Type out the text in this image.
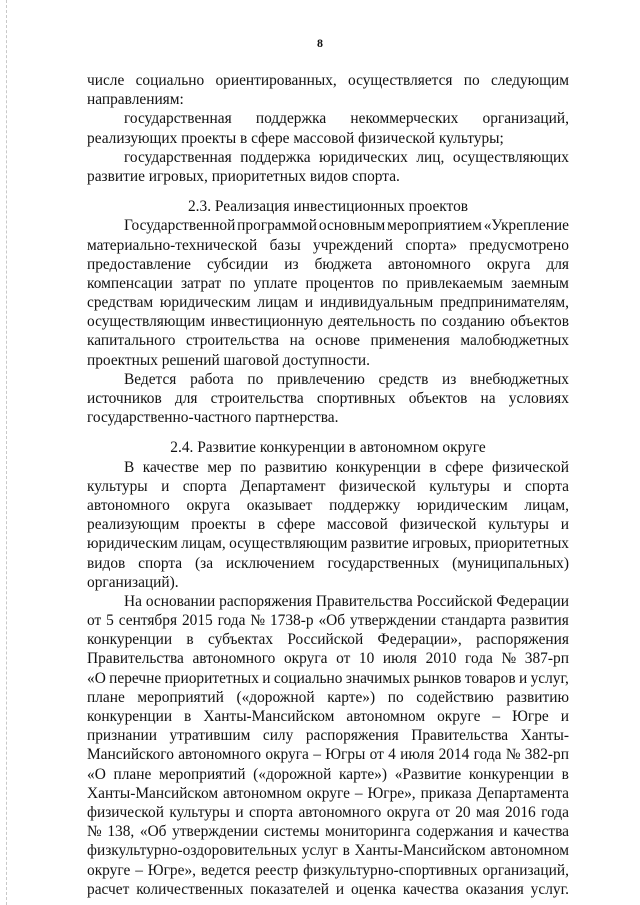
8
числе социально ориентированных, осуществляется по следующим
направлениям:
государственная поддержка некоммерческих организаций,
реализующих проекты в сфере массовой физической культуры;
государственная поддержка юридических лиц, осуществляющих
развитие игровых, приоритетных видов спорта.
2.3. Реализация инвестиционных проектов
Государственной программой основным мероприятием «Укрепление
материально-технической базы учреждений спорта» предусмотрено
предоставление субсидии из бюджета автономного округа для
компенсации затрат по уплате процентов по привлекаемым заемным
средствам юридическим лицам и индивидуальным предпринимателям,
осуществляющим инвестиционную деятельность по созданию объектов
капитального строительства на основе применения малобюджетных
проектных решений шаговой доступности.
Ведется работа по привлечению средств из внебюджетных
источников для строительства спортивных объектов на условиях
государственно-частного партнерства.
2.4. Развитие конкуренции в автономном округе
В качестве мер по развитию конкуренции в сфере физической
культуры и спорта Департамент физической культуры и спорта
автономного округа оказывает поддержку юридическим лицам,
реализующим проекты в сфере массовой физической культуры и
юридическим лицам, осуществляющим развитие игровых, приоритетных
видов спорта (за исключением государственных (муниципальных)
организаций).
На основании распоряжения Правительства Российской Федерации
от 5 сентября 2015 года № 1738-р «Об утверждении стандарта развития
конкуренции в субъектах Российской Федерации», распоряжения
Правительства автономного округа от 10 июля 2010 года № 387-рп
«О перечне приоритетных и социально значимых рынков товаров и услуг,
плане мероприятий («дорожной карте») по содействию развитию
конкуренции в Ханты-Мансийском автономном округе – Югре и
признании утратившим силу распоряжения Правительства Ханты-
Мансийского автономного округа – Югры от 4 июля 2014 года № 382-рп
«О плане мероприятий («дорожной карте») «Развитие конкуренции в
Ханты-Мансийском автономном округе – Югре», приказа Департамента
физической культуры и спорта автономного округа от 20 мая 2016 года
№ 138, «Об утверждении системы мониторинга содержания и качества
физкультурно-оздоровительных услуг в Ханты-Мансийском автономном
округе – Югре», ведется реестр физкультурно-спортивных организаций,
расчет количественных показателей и оценка качества оказания услуг.
